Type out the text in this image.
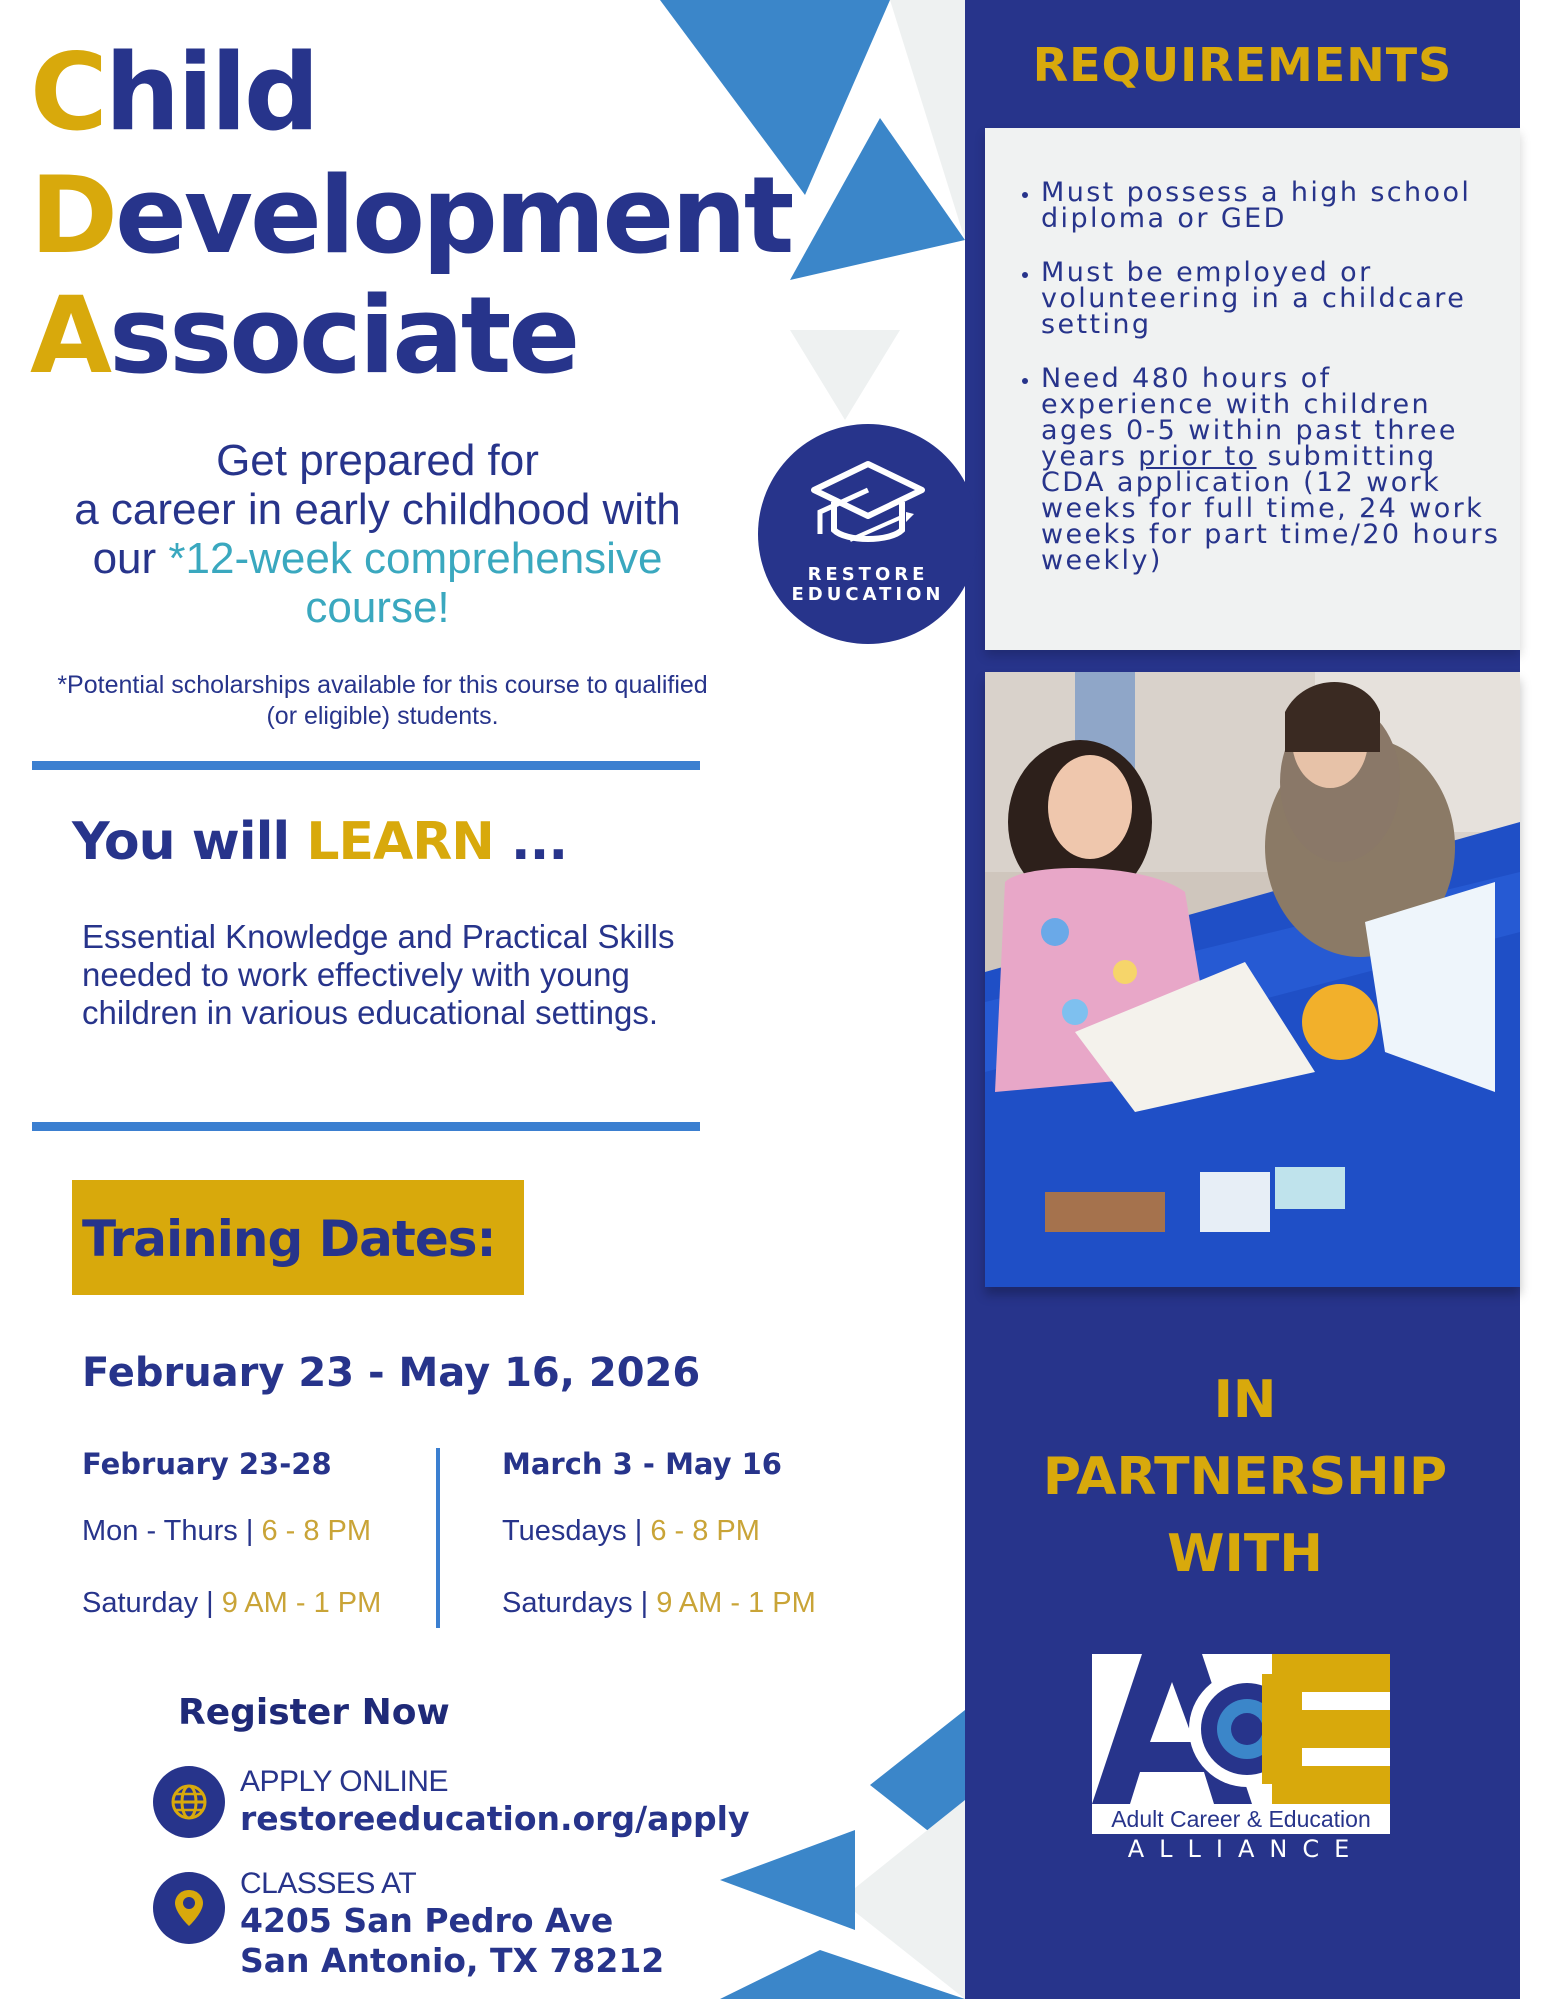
Child
Development
Associate
Get prepared for
a career in early childhood with
our *12-week comprehensive
course!
*Potential scholarships available for this course to qualified (or eligible) students.
You will LEARN ...
Essential Knowledge and Practical Skills needed to work effectively with young children in various educational settings.
Training Dates:
February 23 - May 16, 2026
February 23-28
Mon - Thurs | 6 - 8 PM
Saturday | 9 AM - 1 PM
March 3 - May 16
Tuesdays | 6 - 8 PM
Saturdays | 9 AM - 1 PM
Register Now
APPLY ONLINE
restoreeducation.org/apply
CLASSES AT
4205 San Pedro Ave
San Antonio, TX 78212
RESTORE
EDUCATION
REQUIREMENTS
• Must possess a high school diploma or GED
• Must be employed or volunteering in a childcare setting
• Need 480 hours of experience with children ages 0-5 within past three years prior to submitting CDA application (12 work weeks for full time, 24 work weeks for part time/20 hours weekly)
IN
PARTNERSHIP
WITH
Adult Career & Education
ALLIANCE
